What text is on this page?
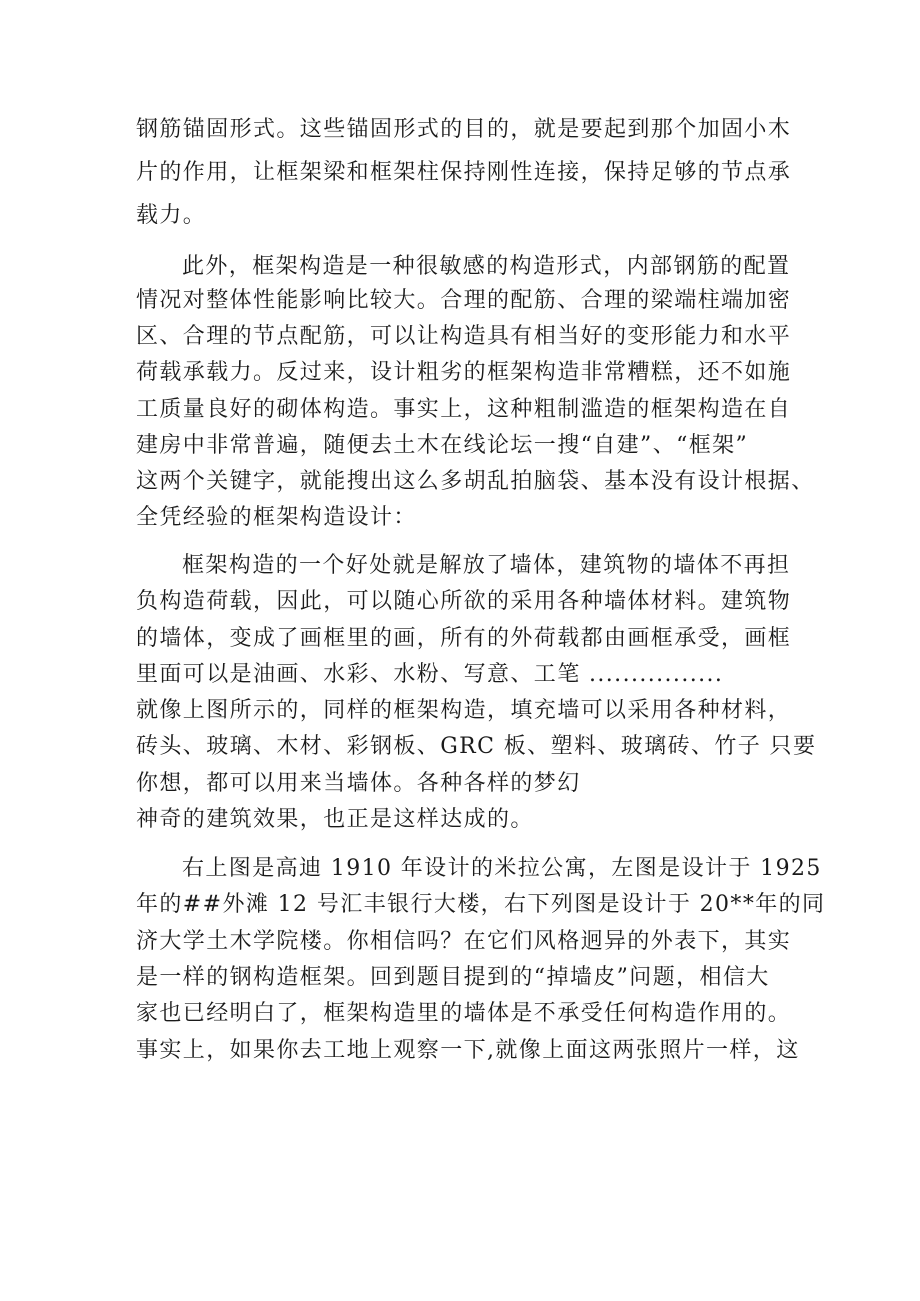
钢筋锚固形式。这些锚固形式的目的，就是要起到那个加固小木
片的作用，让框架梁和框架柱保持刚性连接，保持足够的节点承
载力。
此外，框架构造是一种很敏感的构造形式，内部钢筋的配置
情况对整体性能影响比较大。合理的配筋、合理的梁端柱端加密
区、合理的节点配筋，可以让构造具有相当好的变形能力和水平
荷载承载力。反过来，设计粗劣的框架构造非常糟糕，还不如施
工质量良好的砌体构造。事实上，这种粗制滥造的框架构造在自
建房中非常普遍，随便去土木在线论坛一搜“自建”、“框架”
这两个关键字，就能搜出这么多胡乱拍脑袋、基本没有设计根据、
全凭经验的框架构造设计：
框架构造的一个好处就是解放了墙体，建筑物的墙体不再担
负构造荷载，因此，可以随心所欲的采用各种墙体材料。建筑物
的墙体，变成了画框里的画，所有的外荷载都由画框承受，画框
里面可以是油画、水彩、水粉、写意、工笔 ................
就像上图所示的，同样的框架构造，填充墙可以采用各种材料，
砖头、玻璃、木材、彩钢板、GRC 板、塑料、玻璃砖、竹子 只要
你想，都可以用来当墙体。各种各样的梦幻
神奇的建筑效果，也正是这样达成的。
右上图是高迪 1910 年设计的米拉公寓，左图是设计于 1925
年的##外滩 12 号汇丰银行大楼，右下列图是设计于 20**年的同
济大学土木学院楼。你相信吗？在它们风格迥异的外表下，其实
是一样的钢构造框架。回到题目提到的“掉墙皮”问题，相信大
家也已经明白了，框架构造里的墙体是不承受任何构造作用的。
事实上，如果你去工地上观察一下,就像上面这两张照片一样，这
